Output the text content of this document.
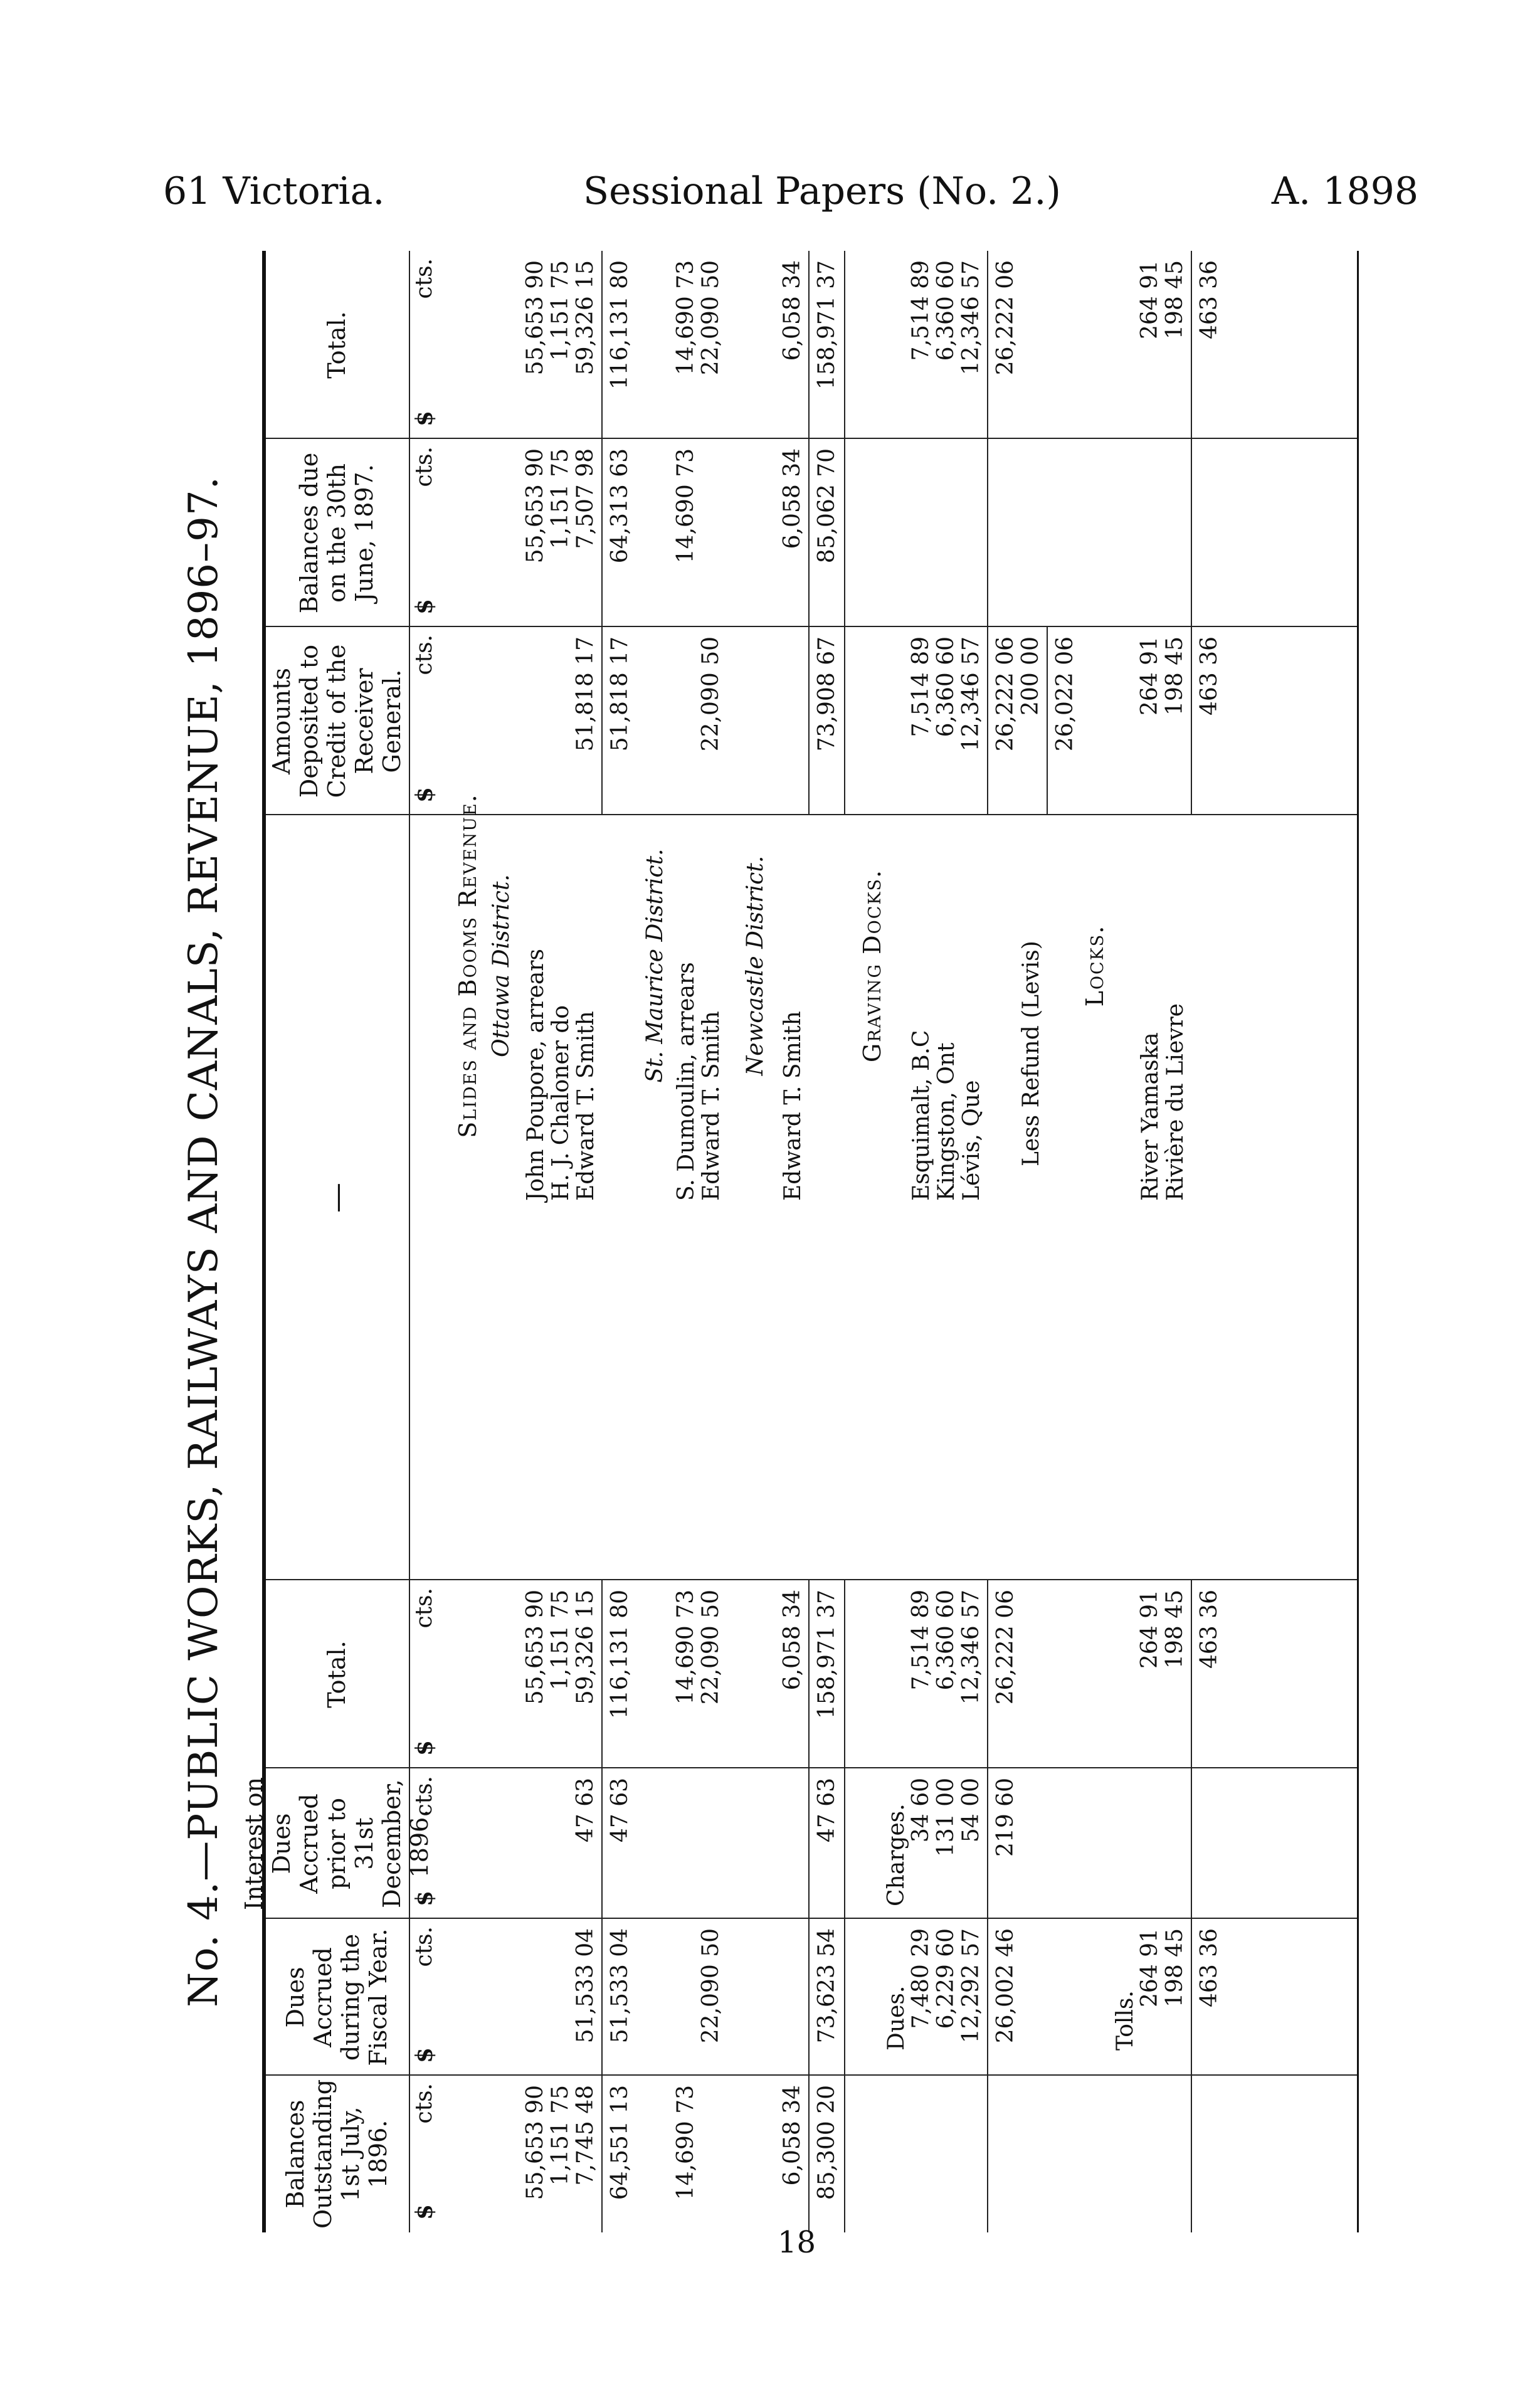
61 Victoria.	Sessional Papers (No. 2.)	A. 1898
No. 4.—PUBLIC WORKS, RAILWAYS AND CANALS, REVENUE, 1896–97.
Balances Outstanding 1st July, 1896.
Dues Accrued during the Fiscal Year.
Interest on Dues Accrued prior to 31st December, 1896.
Total.
—
Amounts Deposited to Credit of the Receiver General.
Balances due on the 30th June, 1897.
Total.
$
cts.
$
cts.
$
cts.
$
cts.
$
cts.
$
cts.
$
cts.
Slides and Booms Revenue. Ottawa District. John Poupore, arrears H. J. Chaloner do Edward T. Smith
55,653 90 1,151 75 7,745 48
51,533 04
47 63
55,653 90 1,151 75 59,326 15
51,818 17
55,653 90 1,151 75 7,507 98
55,653 90 1,151 75 59,326 15
64,551 13
51,533 04
47 63
116,131 80
51,818 17
64,313 63
116,131 80
St. Maurice District. S. Dumoulin, arrears Edward T. Smith
14,690 73
22,090 50
14,690 73 22,090 50
22,090 50
14,690 73
14,690 73 22,090 50
Newcastle District.
Edward T. Smith
6,058 34
6,058 34
6,058 34
6,058 34
85,300 20
73,623 54
47 63
158,971 37
73,908 67
85,062 70
158,971 37
Graving Docks.
Dues.
Charges.
Esquimalt, B.C Kingston, Ont Lévis, Que
7,480 29 6,229 60 12,292 57
34 60 131 00 54 00
7,514 89 6,360 60 12,346 57
7,514 89 6,360 60 12,346 57
7,514 89 6,360 60 12,346 57
26,002 46
219 60
26,222 06
26,222 06
26,222 06
Less Refund (Levis)
200 00 26,022 06
Locks.
Tolls.
River Yamaska Rivière du Lievre
264 91 198 45
264 91 198 45
264 91 198 45
264 91 198 45
463 36
463 36
463 36
463 36
18
